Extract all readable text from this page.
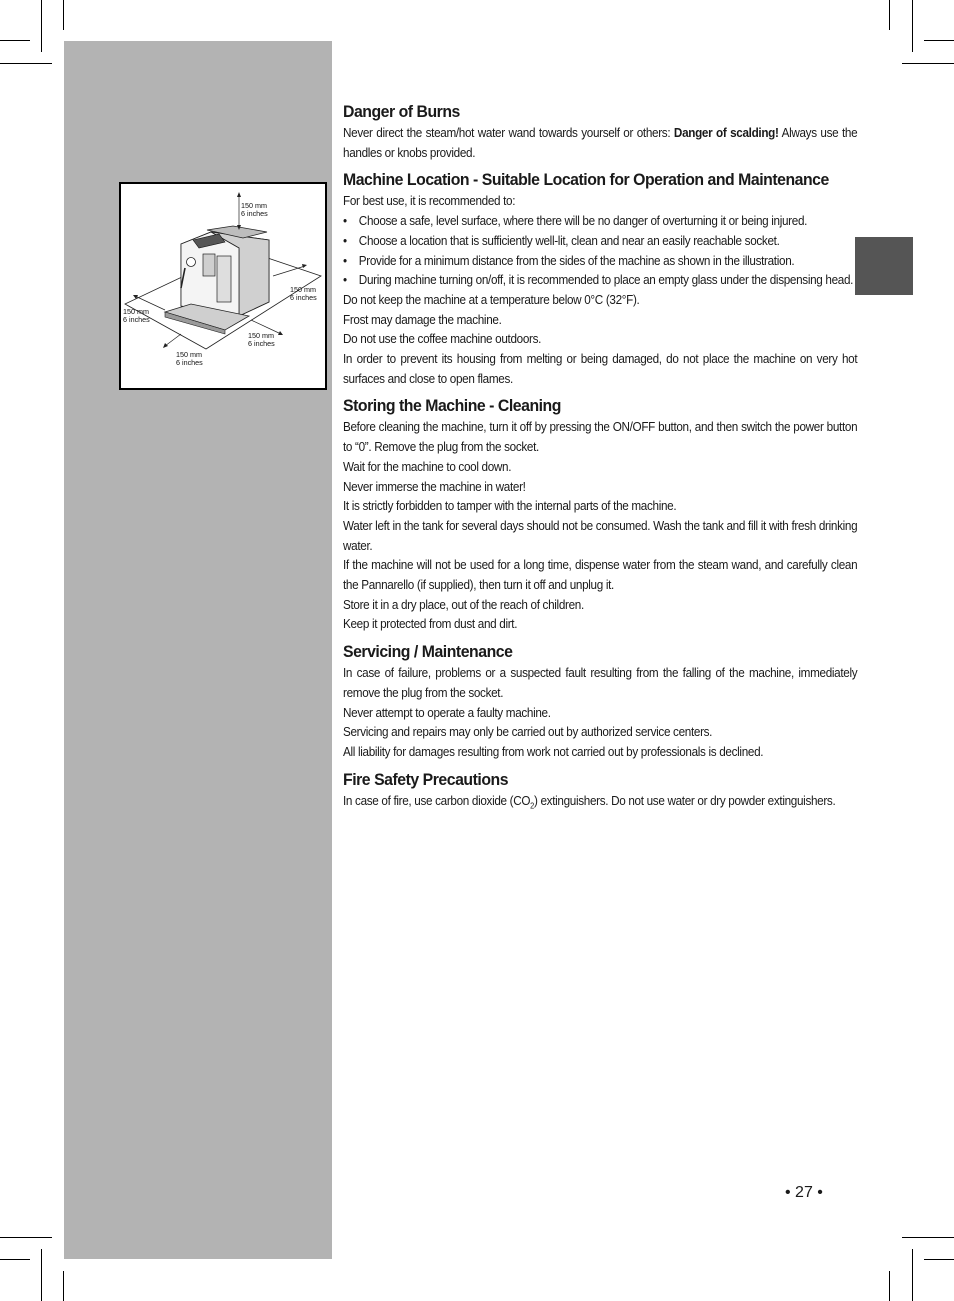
150 mm
6 inches
150 mm
6 inches
150 mm
6 inches
150 mm
6 inches
150 mm
6 inches
Danger of Burns

Never direct the steam/hot water wand towards yourself or others: Danger of scalding! Always use the handles or knobs provided.

Machine Location - Suitable Location for Operation and Maintenance

For best use, it is recommended to:

• Choose a safe, level surface, where there will be no danger of overturning it or being injured.
• Choose a location that is sufficiently well-lit, clean and near an easily reachable socket.
• Provide for a minimum distance from the sides of the machine as shown in the illustration.
• During machine turning on/off, it is recommended to place an empty glass under the dispensing head.

Do not keep the machine at a temperature below 0°C (32°F).

Frost may damage the machine.

Do not use the coffee machine outdoors.

In order to prevent its housing from melting or being damaged, do not place the machine on very hot surfaces and close to open flames.

Storing the Machine - Cleaning

Before cleaning the machine, turn it off by pressing the ON/OFF button, and then switch the power button to “0”. Remove the plug from the socket.

Wait for the machine to cool down.

Never immerse the machine in water!

It is strictly forbidden to tamper with the internal parts of the machine.

Water left in the tank for several days should not be consumed. Wash the tank and fill it with fresh drinking water.

If the machine will not be used for a long time, dispense water from the steam wand, and carefully clean the Pannarello (if supplied), then turn it off and unplug it.

Store it in a dry place, out of the reach of children.

Keep it protected from dust and dirt.

Servicing / Maintenance

In case of failure, problems or a suspected fault resulting from the falling of the machine, immediately remove the plug from the socket.

Never attempt to operate a faulty machine.

Servicing and repairs may only be carried out by authorized service centers.

All liability for damages resulting from work not carried out by professionals is declined.

Fire Safety Precautions

In case of fire, use carbon dioxide $(CO_2)$ extinguishers. Do not use water or dry powder extinguishers.

• 27 •
